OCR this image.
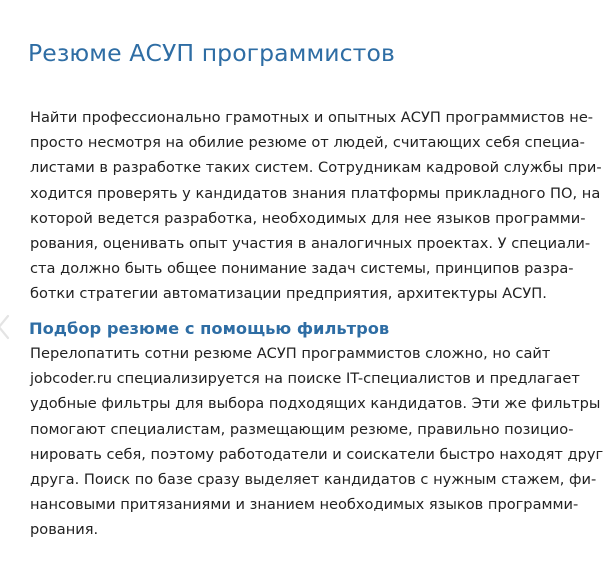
Резюме АСУП программистов

Найти профессионально грамотных и опытных АСУП программистов не-
просто несмотря на обилие резюме от людей, считающих себя специа-
листами в разработке таких систем. Сотрудникам кадровой службы при-
ходится проверять у кандидатов знания платформы прикладного ПО, на
которой ведется разработка, необходимых для нее языков программи-
рования, оценивать опыт участия в аналогичных проектах. У специали-
ста должно быть общее понимание задач системы, принципов разра-
ботки стратегии автоматизации предприятия, архитектуры АСУП.

Подбор резюме с помощью фильтров

Перелопатить сотни резюме АСУП программистов сложно, но сайт
jobcoder.ru специализируется на поиске IT-специалистов и предлагает
удобные фильтры для выбора подходящих кандидатов. Эти же фильтры
помогают специалистам, размещающим резюме, правильно позицио-
нировать себя, поэтому работодатели и соискатели быстро находят друг
друга. Поиск по базе сразу выделяет кандидатов с нужным стажем, фи-
нансовыми притязаниями и знанием необходимых языков программи-
рования.
